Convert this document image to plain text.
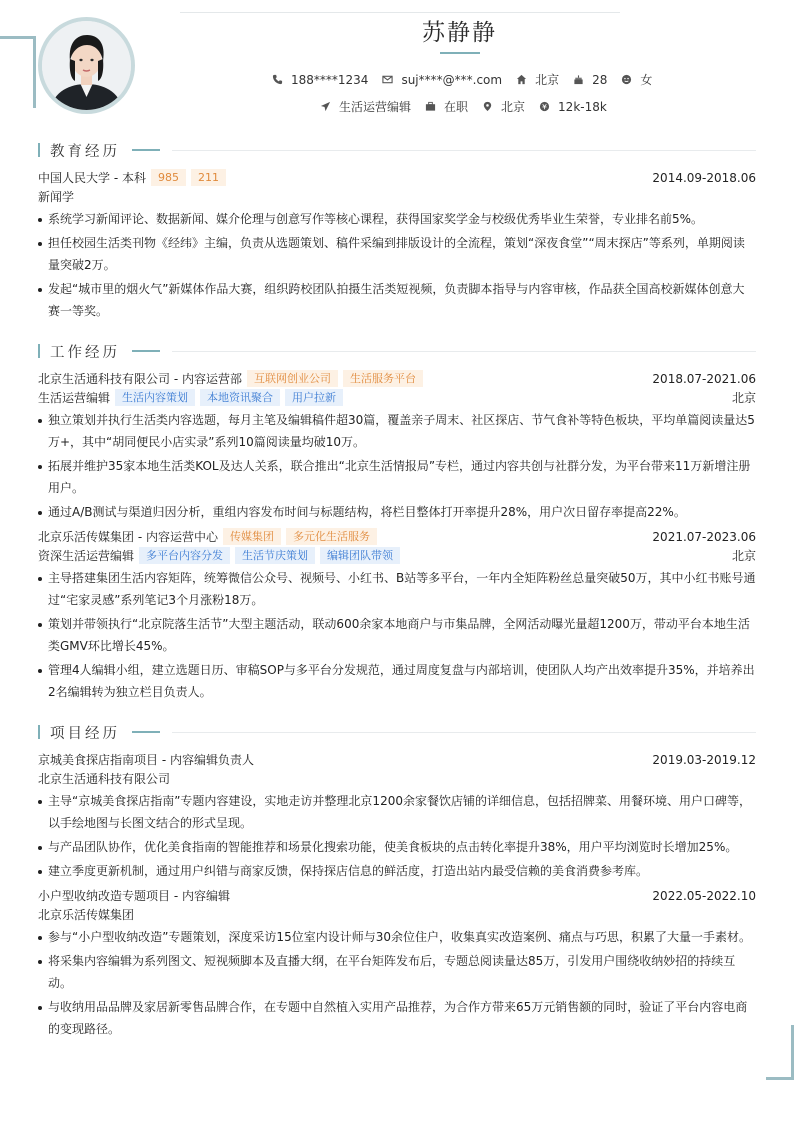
苏静静
188****1234	suj****@***.com	北京	28	女
生活运营编辑	在职	北京	12k-18k
教育经历
中国人民大学 - 本科	985	211	2014.09-2018.06
新闻学
系统学习新闻评论、数据新闻、媒介伦理与创意写作等核心课程，获得国家奖学金与校级优秀毕业生荣誉，专业排名前5%。
担任校园生活类刊物《经纬》主编，负责从选题策划、稿件采编到排版设计的全流程，策划“深夜食堂”“周末探店”等系列，单期阅读量突破2万。
发起“城市里的烟火气”新媒体作品大赛，组织跨校团队拍摄生活类短视频，负责脚本指导与内容审核，作品获全国高校新媒体创意大赛一等奖。
工作经历
北京生活通科技有限公司 - 内容运营部	互联网创业公司	生活服务平台	2018.07-2021.06
生活运营编辑	生活内容策划	本地资讯聚合	用户拉新	北京
独立策划并执行生活类内容选题，每月主笔及编辑稿件超30篇，覆盖亲子周末、社区探店、节气食补等特色板块，平均单篇阅读量达5万+，其中“胡同便民小店实录”系列10篇阅读量均破10万。
拓展并维护35家本地生活类KOL及达人关系，联合推出“北京生活情报局”专栏，通过内容共创与社群分发，为平台带来11万新增注册用户。
通过A/B测试与渠道归因分析，重组内容发布时间与标题结构，将栏目整体打开率提升28%，用户次日留存率提高22%。
北京乐活传媒集团 - 内容运营中心	传媒集团	多元化生活服务	2021.07-2023.06
资深生活运营编辑	多平台内容分发	生活节庆策划	编辑团队带领	北京
主导搭建集团生活内容矩阵，统筹微信公众号、视频号、小红书、B站等多平台，一年内全矩阵粉丝总量突破50万，其中小红书账号通过“宅家灵感”系列笔记3个月涨粉18万。
策划并带领执行“北京院落生活节”大型主题活动，联动600余家本地商户与市集品牌，全网活动曝光量超1200万，带动平台本地生活类GMV环比增长45%。
管理4人编辑小组，建立选题日历、审稿SOP与多平台分发规范，通过周度复盘与内部培训，使团队人均产出效率提升35%，并培养出2名编辑转为独立栏目负责人。
项目经历
京城美食探店指南项目 - 内容编辑负责人	2019.03-2019.12
北京生活通科技有限公司
主导“京城美食探店指南”专题内容建设，实地走访并整理北京1200余家餐饮店铺的详细信息，包括招牌菜、用餐环境、用户口碑等，以手绘地图与长图文结合的形式呈现。
与产品团队协作，优化美食指南的智能推荐和场景化搜索功能，使美食板块的点击转化率提升38%，用户平均浏览时长增加25%。
建立季度更新机制，通过用户纠错与商家反馈，保持探店信息的鲜活度，打造出站内最受信赖的美食消费参考库。
小户型收纳改造专题项目 - 内容编辑	2022.05-2022.10
北京乐活传媒集团
参与“小户型收纳改造”专题策划，深度采访15位室内设计师与30余位住户，收集真实改造案例、痛点与巧思，积累了大量一手素材。
将采集内容编辑为系列图文、短视频脚本及直播大纲，在平台矩阵发布后，专题总阅读量达85万，引发用户围绕收纳妙招的持续互动。
与收纳用品品牌及家居新零售品牌合作，在专题中自然植入实用产品推荐，为合作方带来65万元销售额的同时，验证了平台内容电商的变现路径。
